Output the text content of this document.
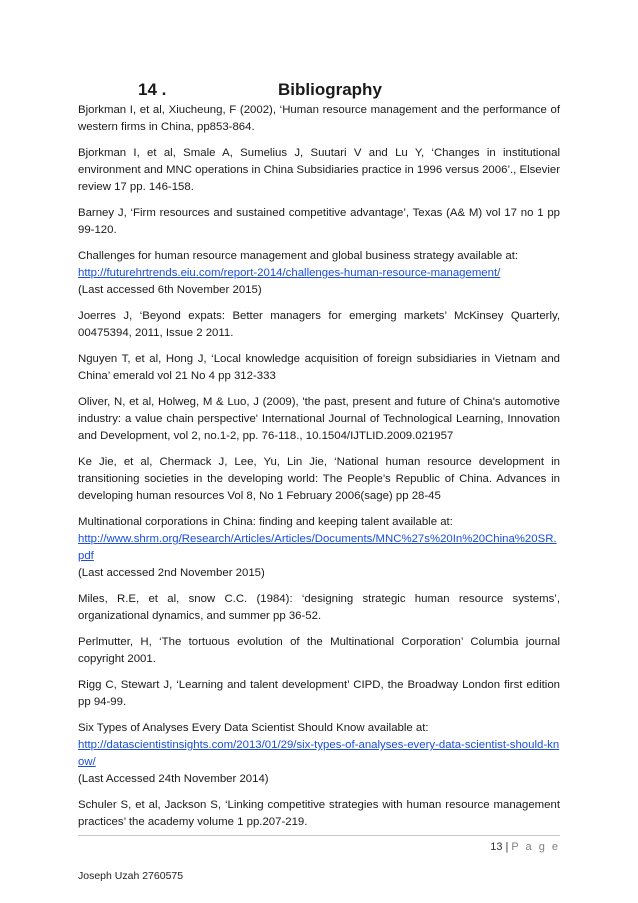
14 .	Bibliography
Bjorkman I, et al, Xiucheung, F (2002), ‘Human resource management and the performance of western firms in China, pp853-864.
Bjorkman I, et al, Smale A, Sumelius J, Suutari V and Lu Y, ‘Changes in institutional environment and MNC operations in China Subsidiaries practice in 1996 versus 2006’., Elsevier review 17 pp. 146-158.
Barney J, ‘Firm resources and sustained competitive advantage’, Texas (A& M) vol 17 no 1 pp 99-120.
Challenges for human resource management and global business strategy available at:
http://futurehrtrends.eiu.com/report-2014/challenges-human-resource-management/
(Last accessed 6th November 2015)
Joerres J, ‘Beyond expats: Better managers for emerging markets’ McKinsey Quarterly, 00475394, 2011, Issue 2 2011.
Nguyen T, et al, Hong J, ‘Local knowledge acquisition of foreign subsidiaries in Vietnam and China’ emerald vol 21 No 4 pp 312-333
Oliver, N, et al, Holweg, M & Luo, J (2009), 'the past, present and future of China's automotive industry: a value chain perspective' International Journal of Technological Learning, Innovation and Development, vol 2, no.1-2, pp. 76-118., 10.1504/IJTLID.2009.021957
Ke Jie, et al, Chermack J, Lee, Yu, Lin Jie, ‘National human resource development in transitioning societies in the developing world: The People’s Republic of China. Advances in developing human resources Vol 8, No 1 February 2006(sage) pp 28-45
Multinational corporations in China: finding and keeping talent available at:
http://www.shrm.org/Research/Articles/Articles/Documents/MNC%27s%20In%20China%20SR.pdf
(Last accessed 2nd November 2015)
Miles, R.E, et al, snow C.C. (1984): ‘designing strategic human resource systems’, organizational dynamics, and summer pp 36-52.
Perlmutter, H, ‘The tortuous evolution of the Multinational Corporation’ Columbia journal copyright 2001.
Rigg C, Stewart J, ‘Learning and talent development’ CIPD, the Broadway London first edition pp 94-99.
Six Types of Analyses Every Data Scientist Should Know available at:
http://datascientistinsights.com/2013/01/29/six-types-of-analyses-every-data-scientist-should-know/
(Last Accessed 24th November 2014)
Schuler S, et al, Jackson S, ‘Linking competitive strategies with human resource management practices’ the academy volume 1 pp.207-219.
13 | P a g e
Joseph Uzah 2760575
